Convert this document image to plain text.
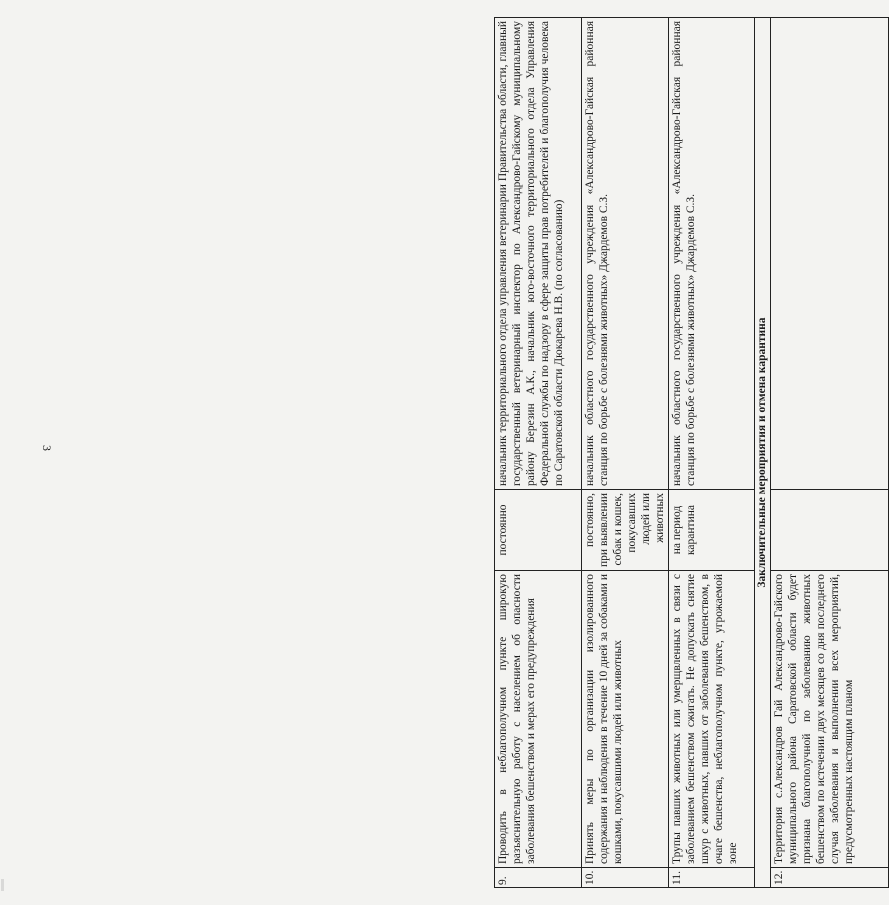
3
9.	Проводить в неблагополучном пункте широкую разъяснительную работу с населением об опасности заболевания бешенством и мерах его предупреждения	постоянно	начальник территориального отдела управления ветеринарии Правительства области, главный государственный ветеринарный инспектор по Александрово-Гайскому муниципальному району Березин А.К., начальник юго-восточного территориального отдела Управления Федеральной службы по надзору в сфере защиты прав потребителей и благополучия человека по Саратовской области Дюкарева Н.В. (по согласованию)
10.	Принять меры по организации изолированного содержания и наблюдения в течение 10 дней за собаками и кошками, покусавшими людей или животных	постоянно, при выявлении собак и кошек, покусавших людей или животных	начальник областного государственного учреждения «Александрово-Гайская районная станция по борьбе с болезнями животных» Джардемов С.З.
11.	Трупы павших животных или умерщвленных в связи с заболеванием бешенством сжигать. Не допускать снятие шкур с животных, павших от заболевания бешенством, в очаге бешенства, неблагополучном пункте, угрожаемой зоне	на период карантина	начальник областного государственного учреждения «Александрово-Гайская районная станция по борьбе с болезнями животных» Джардемов С.З.
Заключительные мероприятия и отмена карантина			
12.	Территория с.Александров Гай Александрово-Гайского муниципального района Саратовской области будет признана благополучной по заболеванию животных бешенством по истечении двух месяцев со дня последнего случая заболевания и выполнении всех мероприятий, предусмотренных настоящим планом		
